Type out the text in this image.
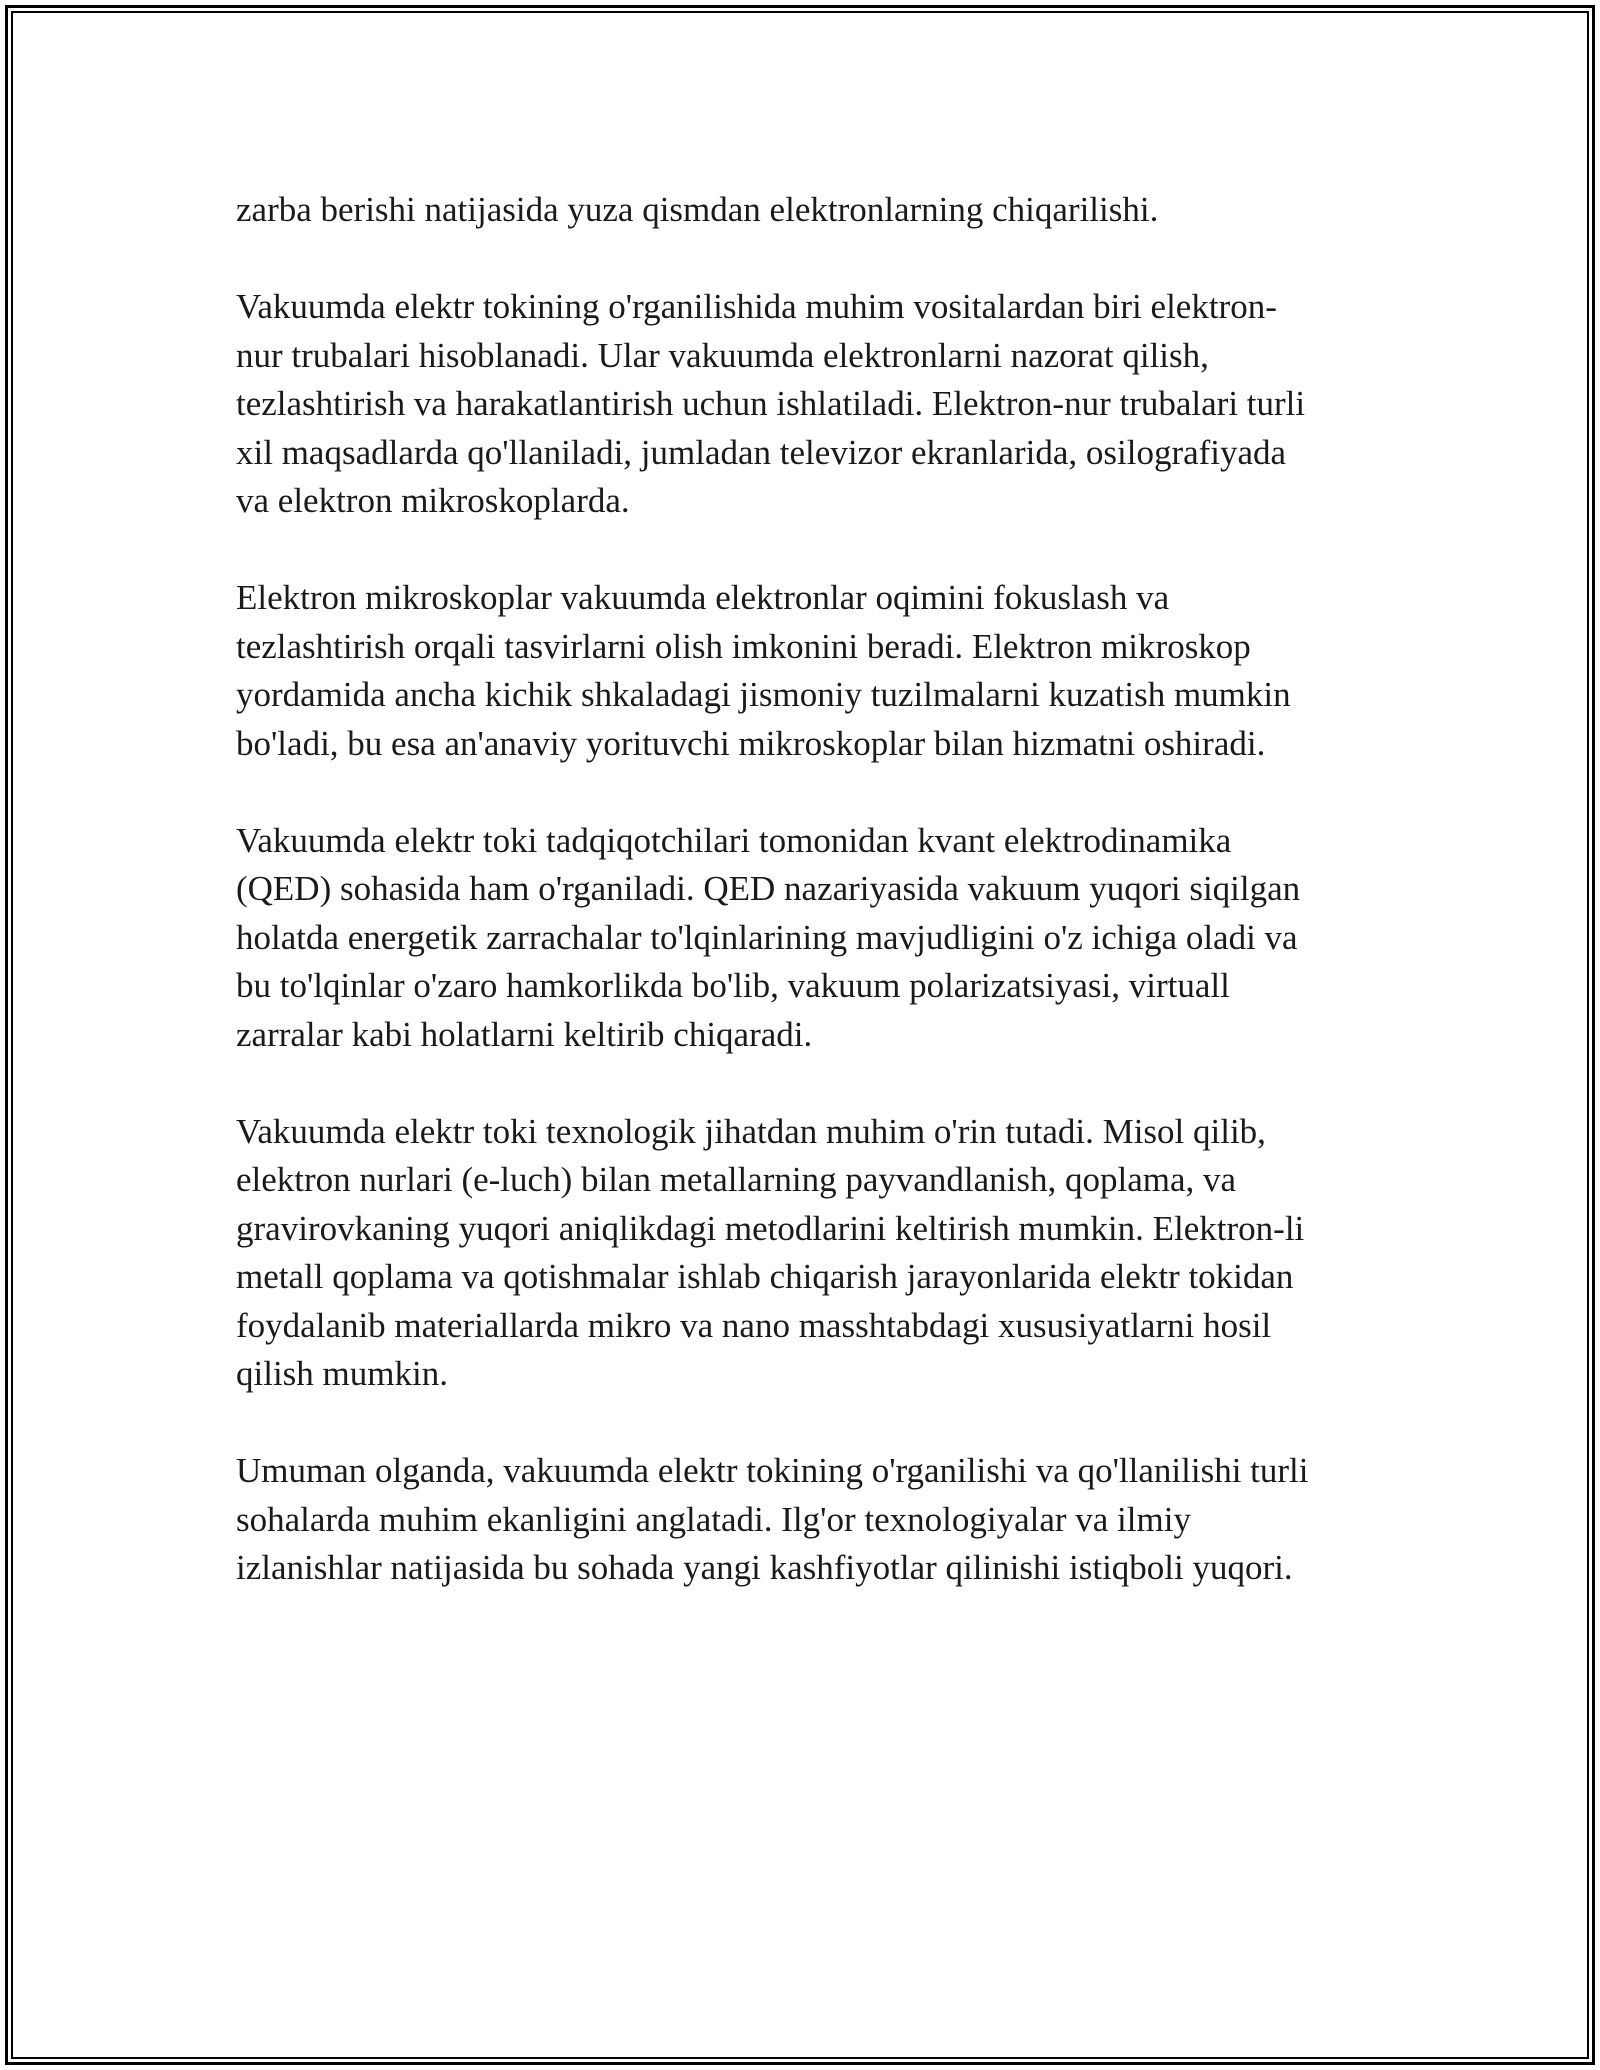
zarba berishi natijasida yuza qismdan elektronlarning chiqarilishi.

Vakuumda elektr tokining o'rganilishida muhim vositalardan biri elektron-
nur trubalari hisoblanadi. Ular vakuumda elektronlarni nazorat qilish,
tezlashtirish va harakatlantirish uchun ishlatiladi. Elektron-nur trubalari turli
xil maqsadlarda qo'llaniladi, jumladan televizor ekranlarida, osilografiyada
va elektron mikroskoplarda.

Elektron mikroskoplar vakuumda elektronlar oqimini fokuslash va
tezlashtirish orqali tasvirlarni olish imkonini beradi. Elektron mikroskop
yordamida ancha kichik shkaladagi jismoniy tuzilmalarni kuzatish mumkin
bo'ladi, bu esa an'anaviy yorituvchi mikroskoplar bilan hizmatni oshiradi.

Vakuumda elektr toki tadqiqotchilari tomonidan kvant elektrodinamika
(QED) sohasida ham o'rganiladi. QED nazariyasida vakuum yuqori siqilgan
holatda energetik zarrachalar to'lqinlarining mavjudligini o'z ichiga oladi va
bu to'lqinlar o'zaro hamkorlikda bo'lib, vakuum polarizatsiyasi, virtuall
zarralar kabi holatlarni keltirib chiqaradi.

Vakuumda elektr toki texnologik jihatdan muhim o'rin tutadi. Misol qilib,
elektron nurlari (e-luch) bilan metallarning payvandlanish, qoplama, va
gravirovkaning yuqori aniqlikdagi metodlarini keltirish mumkin. Elektron-li
metall qoplama va qotishmalar ishlab chiqarish jarayonlarida elektr tokidan
foydalanib materiallarda mikro va nano masshtabdagi xususiyatlarni hosil
qilish mumkin.

Umuman olganda, vakuumda elektr tokining o'rganilishi va qo'llanilishi turli
sohalarda muhim ekanligini anglatadi. Ilg'or texnologiyalar va ilmiy
izlanishlar natijasida bu sohada yangi kashfiyotlar qilinishi istiqboli yuqori.
